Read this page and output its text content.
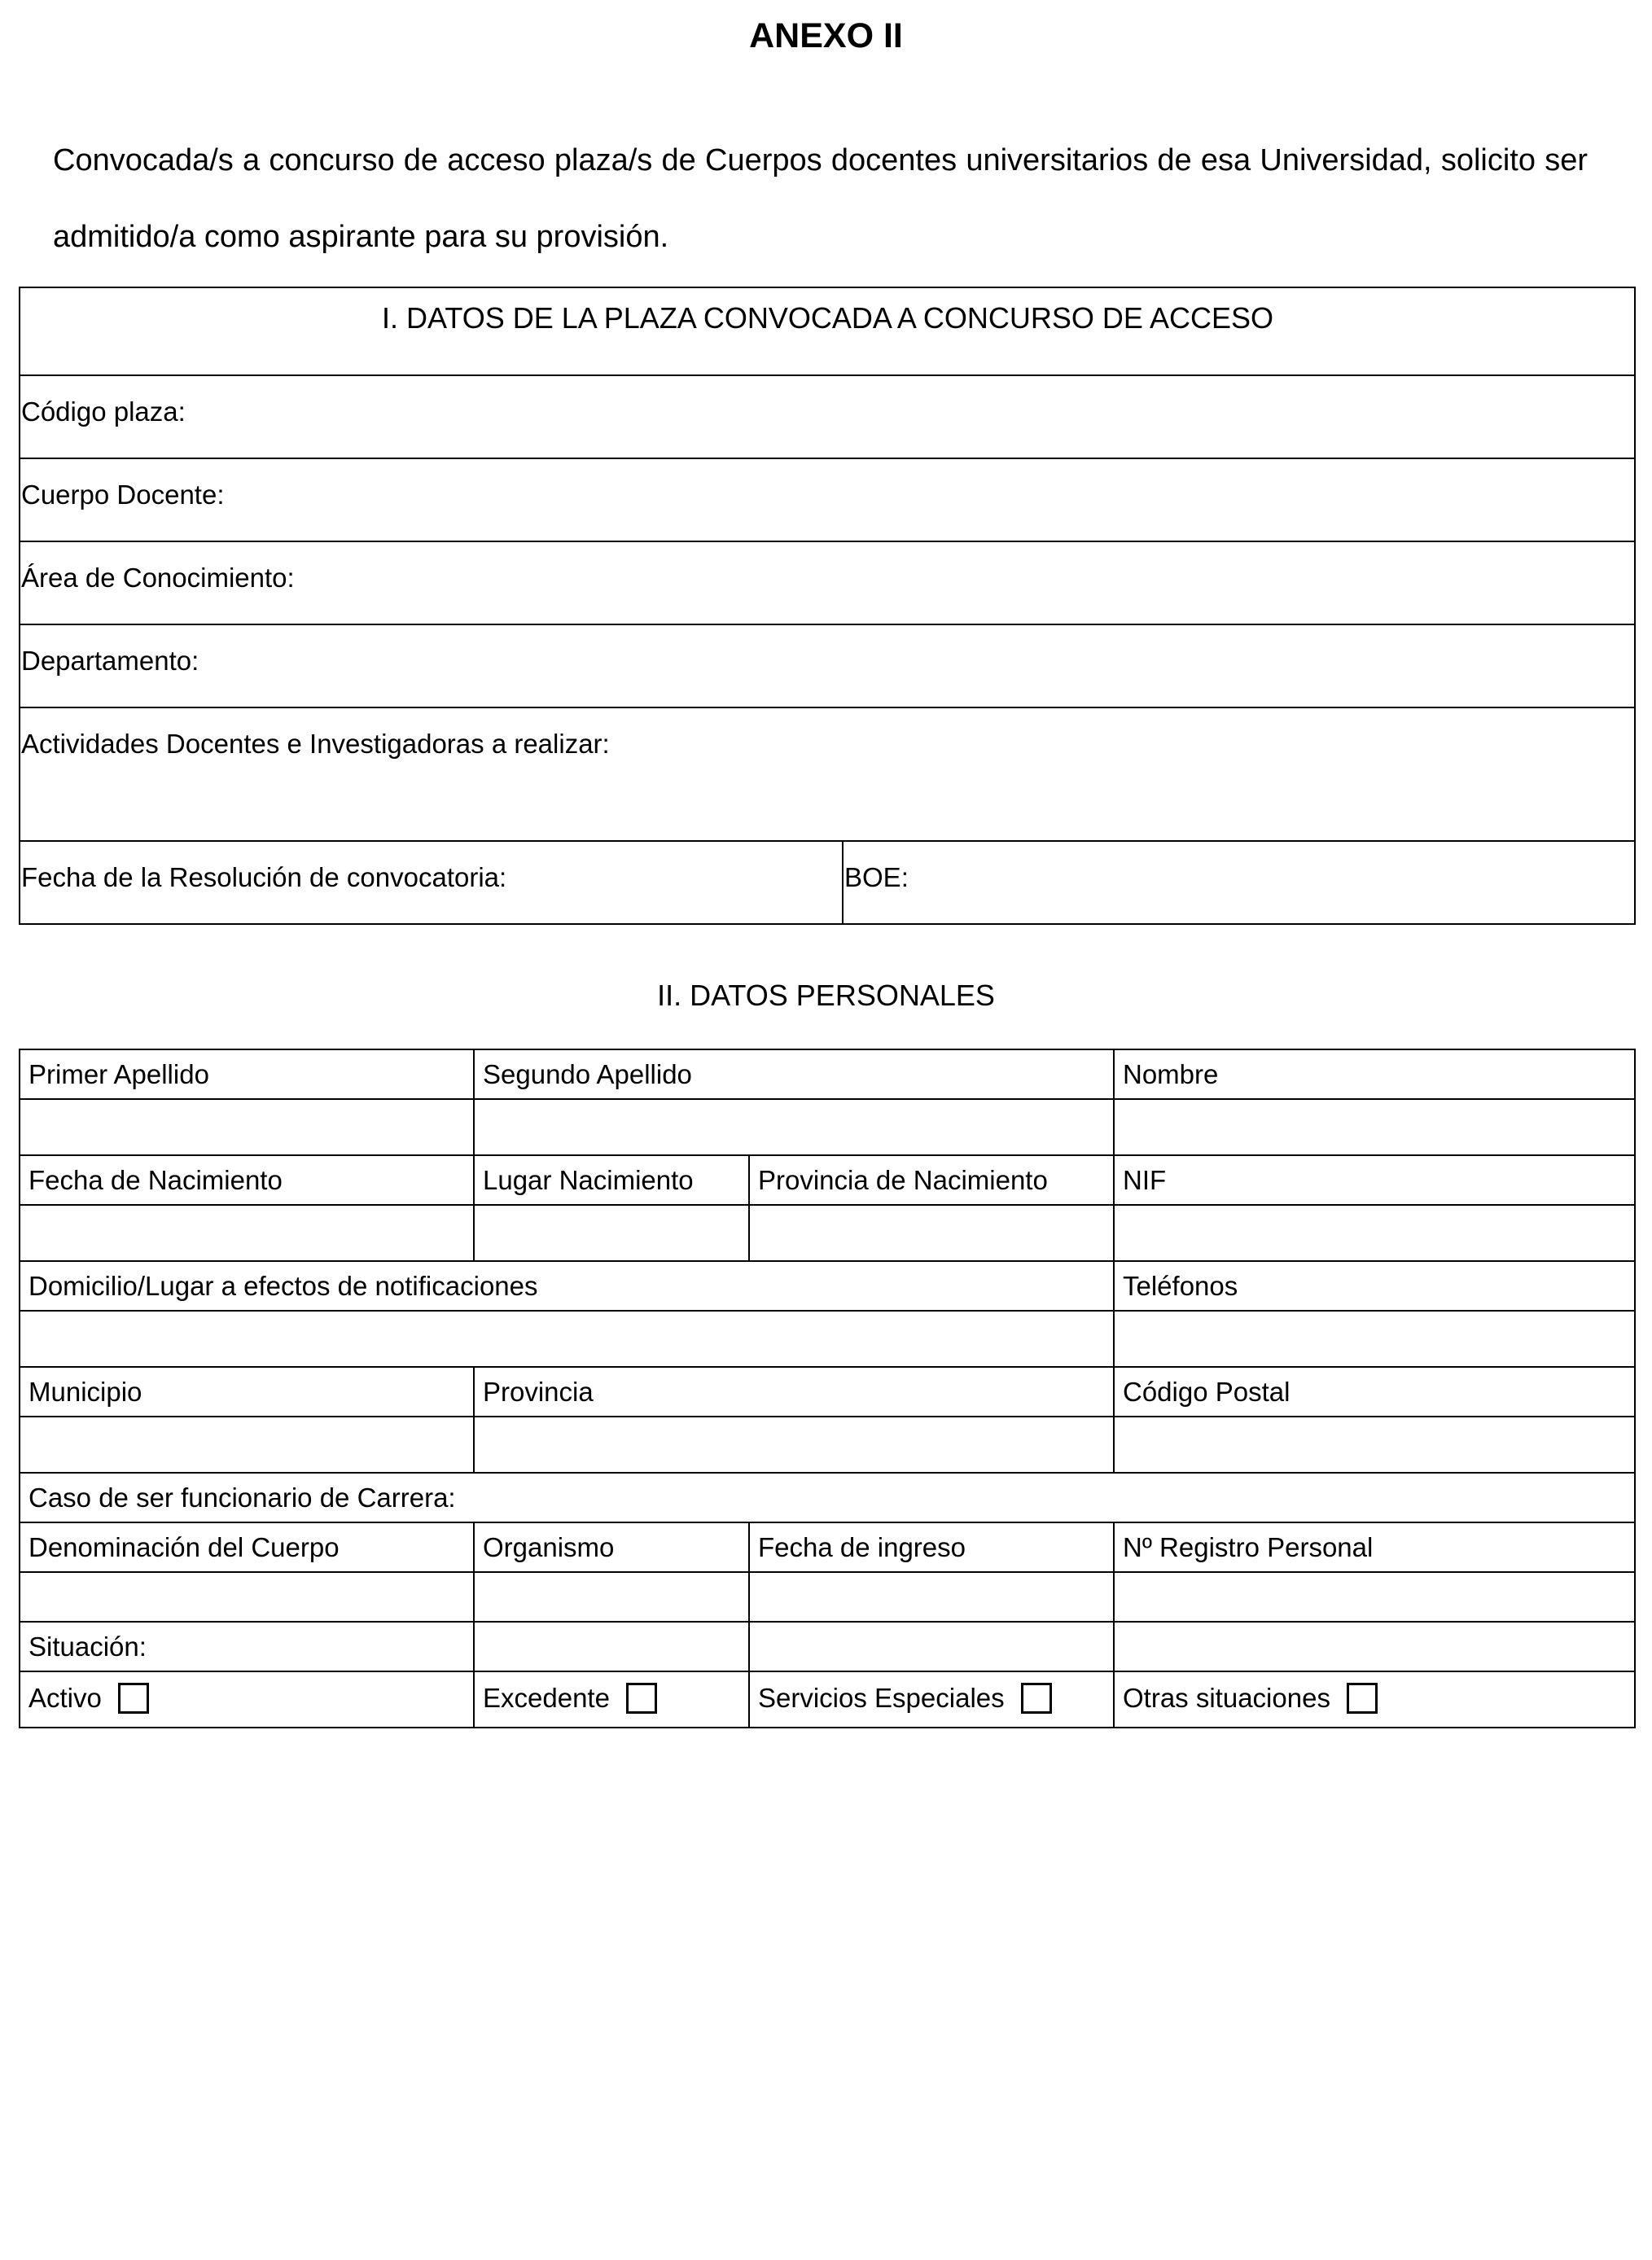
ANEXO II
Convocada/s a concurso de acceso plaza/s de Cuerpos docentes universitarios de esa Universidad, solicito ser admitido/a como aspirante para su provisión.
I. DATOS DE LA PLAZA CONVOCADA A CONCURSO DE ACCESO
Código plaza:
Cuerpo Docente:
Área de Conocimiento:
Departamento:
Actividades Docentes e Investigadoras a realizar:
Fecha de la Resolución de convocatoria:	BOE:
II. DATOS PERSONALES
Primer Apellido	Segundo Apellido		Nombre

Fecha de Nacimiento	Lugar Nacimiento	Provincia de Nacimiento	NIF

Domicilio/Lugar a efectos de notificaciones			Teléfonos

Municipio	Provincia		Código Postal

Caso de ser funcionario de Carrera:			
Denominación del Cuerpo	Organismo	Fecha de ingreso	Nº Registro Personal

Situación:			
Activo	Excedente	Servicios Especiales	Otras situaciones
